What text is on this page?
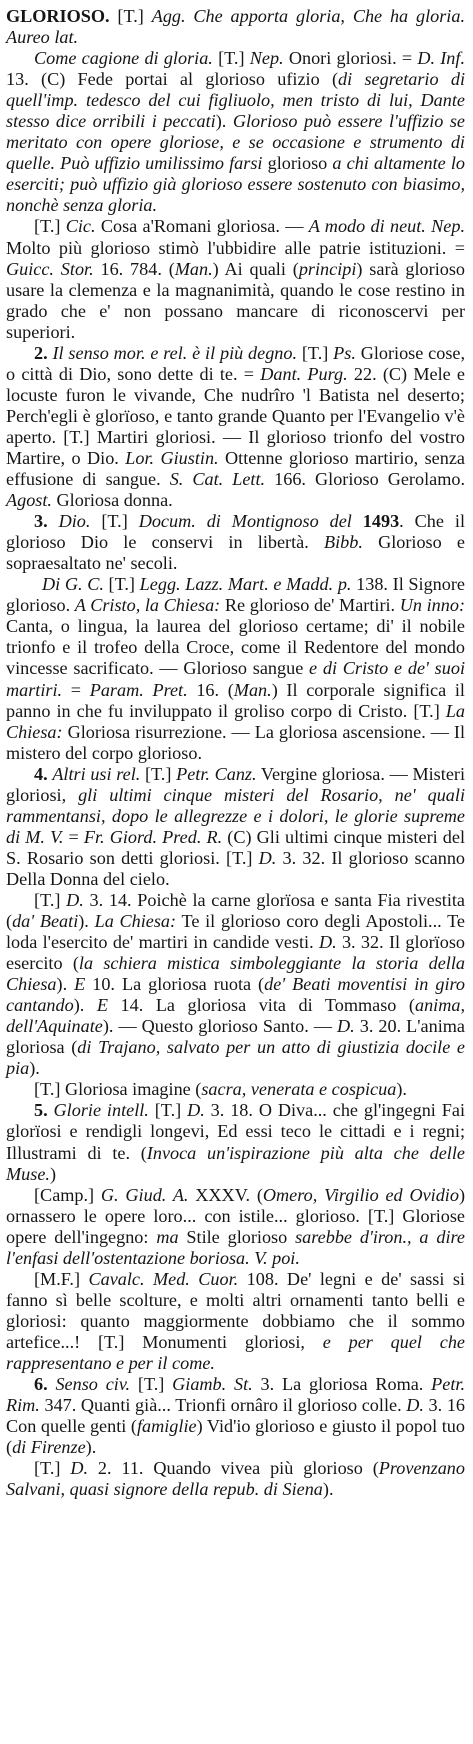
GLORIOSO. [T.] Agg. Che apporta gloria, Che ha gloria. Aureo lat.

Come cagione di gloria. [T.] Nep. Onori gloriosi. = D. Inf. 13. (C) Fede portai al glorioso ufizio (di segretario di quell'imp. tedesco del cui figliuolo, men tristo di lui, Dante stesso dice orribili i peccati). Glorioso può essere l'uffizio se meritato con opere gloriose, e se occasione e strumento di quelle. Può uffizio umilissimo farsi glorioso a chi altamente lo eserciti; può uffizio già glorioso essere sostenuto con biasimo, nonchè senza gloria.

[T.] Cic. Cosa a'Romani gloriosa. — A modo di neut. Nep. Molto più glorioso stimò l'ubbidire alle patrie istituzioni. = Guicc. Stor. 16. 784. (Man.) Ai quali (principi) sarà glorioso usare la clemenza e la magnanimità, quando le cose restino in grado che e' non possano mancare di riconoscervi per superiori.

2. Il senso mor. e rel. è il più degno. [T.] Ps. Gloriose cose, o città di Dio, sono dette di te. = Dant. Purg. 22. (C) Mele e locuste furon le vivande, Che nudrîro 'l Batista nel deserto; Perch'egli è glorïoso, e tanto grande Quanto per l'Evangelio v'è aperto. [T.] Martiri gloriosi. — Il glorioso trionfo del vostro Martire, o Dio. Lor. Giustin. Ottenne glorioso martirio, senza effusione di sangue. S. Cat. Lett. 166. Glorioso Gerolamo. Agost. Gloriosa donna.

3. Dio. [T.] Docum. di Montignoso del 1493. Che il glorioso Dio le conservi in libertà. Bibb. Glorioso e sopraesaltato ne' secoli.

Di G. C. [T.] Legg. Lazz. Mart. e Madd. p. 138. Il Signore glorioso. A Cristo, la Chiesa: Re glorioso de' Martiri. Un inno: Canta, o lingua, la laurea del glorioso certame; di' il nobile trionfo e il trofeo della Croce, come il Redentore del mondo vincesse sacrificato. — Glorioso sangue e di Cristo e de' suoi martiri. = Param. Pret. 16. (Man.) Il corporale significa il panno in che fu inviluppato il groliso corpo di Cristo. [T.] La Chiesa: Gloriosa risurrezione. — La gloriosa ascensione. — Il mistero del corpo glorioso.

4. Altri usi rel. [T.] Petr. Canz. Vergine gloriosa. — Misteri gloriosi, gli ultimi cinque misteri del Rosario, ne' quali rammentansi, dopo le allegrezze e i dolori, le glorie supreme di M. V. = Fr. Giord. Pred. R. (C) Gli ultimi cinque misteri del S. Rosario son detti gloriosi. [T.] D. 3. 32. Il glorioso scanno Della Donna del cielo.

[T.] D. 3. 14. Poichè la carne glorïosa e santa Fia rivestita (da' Beati). La Chiesa: Te il glorioso coro degli Apostoli... Te loda l'esercito de' martiri in candide vesti. D. 3. 32. Il glorïoso esercito (la schiera mistica simboleggiante la storia della Chiesa). E 10. La gloriosa ruota (de' Beati moventisi in giro cantando). E 14. La gloriosa vita di Tommaso (anima, dell'Aquinate). — Questo glorioso Santo. — D. 3. 20. L'anima gloriosa (di Trajano, salvato per un atto di giustizia docile e pia).

[T.] Gloriosa imagine (sacra, venerata e cospicua).

5. Glorie intell. [T.] D. 3. 18. O Diva... che gl'ingegni Fai glorïosi e rendigli longevi, Ed essi teco le cittadi e i regni; Illustrami di te. (Invoca un'ispirazione più alta che delle Muse.)

[Camp.] G. Giud. A. XXXV. (Omero, Virgilio ed Ovidio) ornassero le opere loro... con istile... glorioso. [T.] Gloriose opere dell'ingegno: ma Stile glorioso sarebbe d'iron., a dire l'enfasi dell'ostentazione boriosa. V. poi.

[M.F.] Cavalc. Med. Cuor. 108. De' legni e de' sassi si fanno sì belle scolture, e molti altri ornamenti tanto belli e gloriosi: quanto maggiormente dobbiamo che il sommo artefice...! [T.] Monumenti gloriosi, e per quel che rappresentano e per il come.

6. Senso civ. [T.] Giamb. St. 3. La gloriosa Roma. Petr. Rim. 347. Quanti già... Trionfi ornâro il glorioso colle. D. 3. 16 Con quelle genti (famiglie) Vid'io glorioso e giusto il popol tuo (di Firenze).

[T.] D. 2. 11. Quando vivea più glorioso (Provenzano Salvani, quasi signore della repub. di Siena).
